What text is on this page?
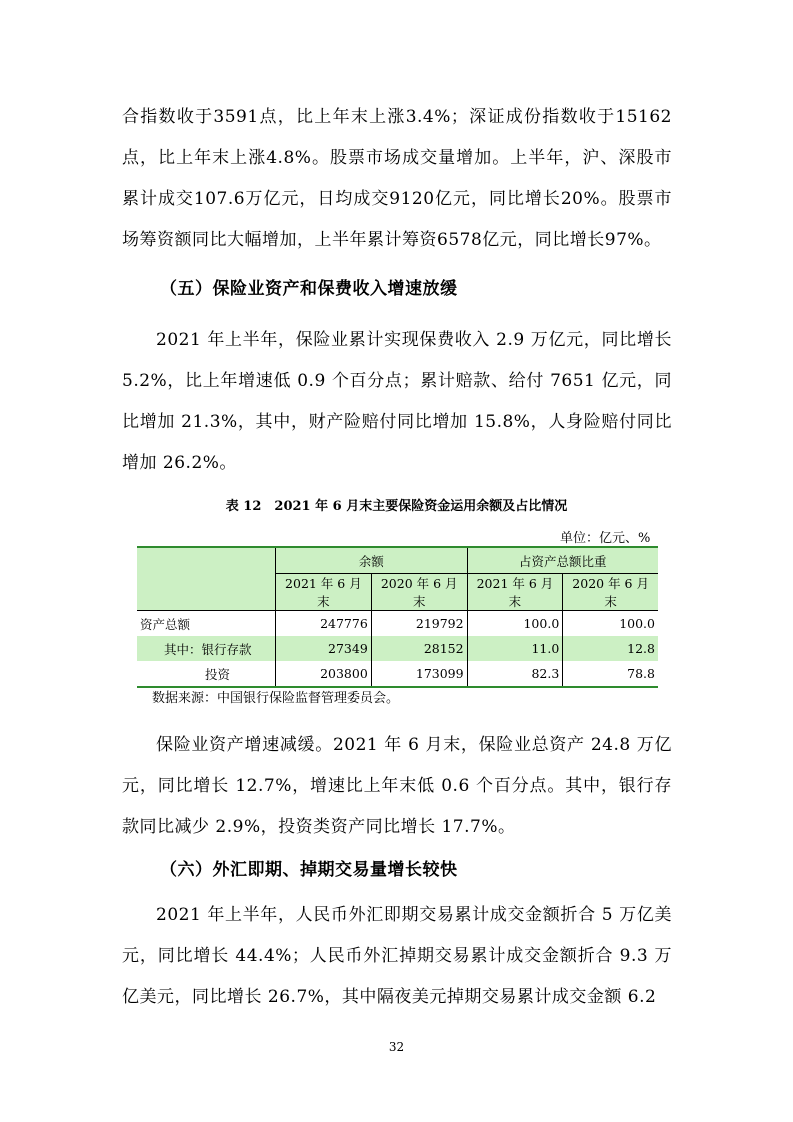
合指数收于3591点，比上年末上涨3.4%；深证成份指数收于15162点，比上年末上涨4.8%。股票市场成交量增加。上半年，沪、深股市累计成交107.6万亿元，日均成交9120亿元，同比增长20%。股票市场筹资额同比大幅增加，上半年累计筹资6578亿元，同比增长97%。

（五）保险业资产和保费收入增速放缓

2021 年上半年，保险业累计实现保费收入 2.9 万亿元，同比增长 5.2%，比上年增速低 0.9 个百分点；累计赔款、给付 7651 亿元，同比增加 21.3%，其中，财产险赔付同比增加 15.8%，人身险赔付同比增加 26.2%。

表 12　2021 年 6 月末主要保险资金运用余额及占比情况

单位：亿元、%
	余额		占资产总额比重	
	2021 年 6 月末	2020 年 6 月末	2021 年 6 月末	2020 年 6 月末
资产总额	247776	219792	100.0	100.0
其中：银行存款	27349	28152	11.0	12.8
投资	203800	173099	82.3	78.8
数据来源：中国银行保险监督管理委员会。

保险业资产增速减缓。2021 年 6 月末，保险业总资产 24.8 万亿元，同比增长 12.7%，增速比上年末低 0.6 个百分点。其中，银行存款同比减少 2.9%，投资类资产同比增长 17.7%。

（六）外汇即期、掉期交易量增长较快

2021 年上半年，人民币外汇即期交易累计成交金额折合 5 万亿美元，同比增长 44.4%；人民币外汇掉期交易累计成交金额折合 9.3 万亿美元，同比增长 26.7%，其中隔夜美元掉期交易累计成交金额 6.2

32
